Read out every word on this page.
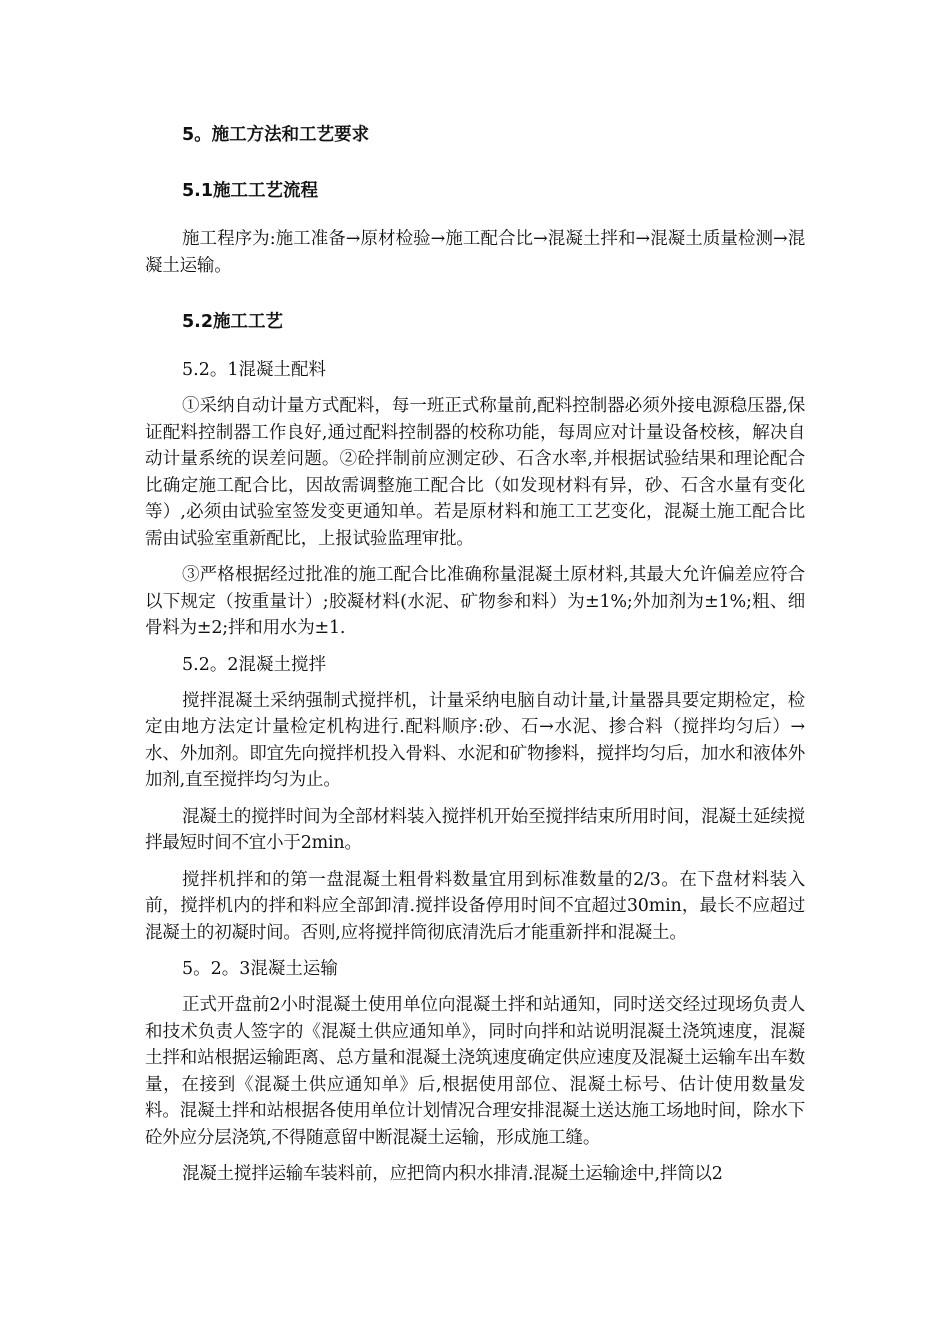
5。施工方法和工艺要求

5.1施工工艺流程

施工程序为:施工准备→原材检验→施工配合比→混凝土拌和→混凝土质量检测→混凝土运输。

5.2施工工艺

5.2。1混凝土配料

①采纳自动计量方式配料，每一班正式称量前,配料控制器必须外接电源稳压器,保证配料控制器工作良好,通过配料控制器的校称功能，每周应对计量设备校核，解决自动计量系统的误差问题。②砼拌制前应测定砂、石含水率,并根据试验结果和理论配合比确定施工配合比，因故需调整施工配合比（如发现材料有异，砂、石含水量有变化等）,必须由试验室签发变更通知单。若是原材料和施工工艺变化，混凝土施工配合比需由试验室重新配比，上报试验监理审批。

③严格根据经过批准的施工配合比准确称量混凝土原材料,其最大允许偏差应符合以下规定（按重量计）;胶凝材料(水泥、矿物参和料）为±1%;外加剂为±1%;粗、细骨料为±2;拌和用水为±1.

5.2。2混凝土搅拌

搅拌混凝土采纳强制式搅拌机，计量采纳电脑自动计量,计量器具要定期检定，检定由地方法定计量检定机构进行.配料顺序:砂、石→水泥、掺合料（搅拌均匀后）→水、外加剂。即宜先向搅拌机投入骨料、水泥和矿物掺料，搅拌均匀后，加水和液体外加剂,直至搅拌均匀为止。

混凝土的搅拌时间为全部材料装入搅拌机开始至搅拌结束所用时间，混凝土延续搅拌最短时间不宜小于2min。

搅拌机拌和的第一盘混凝土粗骨料数量宜用到标准数量的2/3。在下盘材料装入前，搅拌机内的拌和料应全部卸清.搅拌设备停用时间不宜超过30min，最长不应超过混凝土的初凝时间。否则,应将搅拌筒彻底清洗后才能重新拌和混凝土。

5。2。3混凝土运输

正式开盘前2小时混凝土使用单位向混凝土拌和站通知，同时送交经过现场负责人和技术负责人签字的《混凝土供应通知单》，同时向拌和站说明混凝土浇筑速度，混凝土拌和站根据运输距离、总方量和混凝土浇筑速度确定供应速度及混凝土运输车出车数量，在接到《混凝土供应通知单》后,根据使用部位、混凝土标号、估计使用数量发料。混凝土拌和站根据各使用单位计划情况合理安排混凝土送达施工场地时间，除水下砼外应分层浇筑,不得随意留中断混凝土运输，形成施工缝。

混凝土搅拌运输车装料前，应把筒内积水排清.混凝土运输途中,拌筒以2
